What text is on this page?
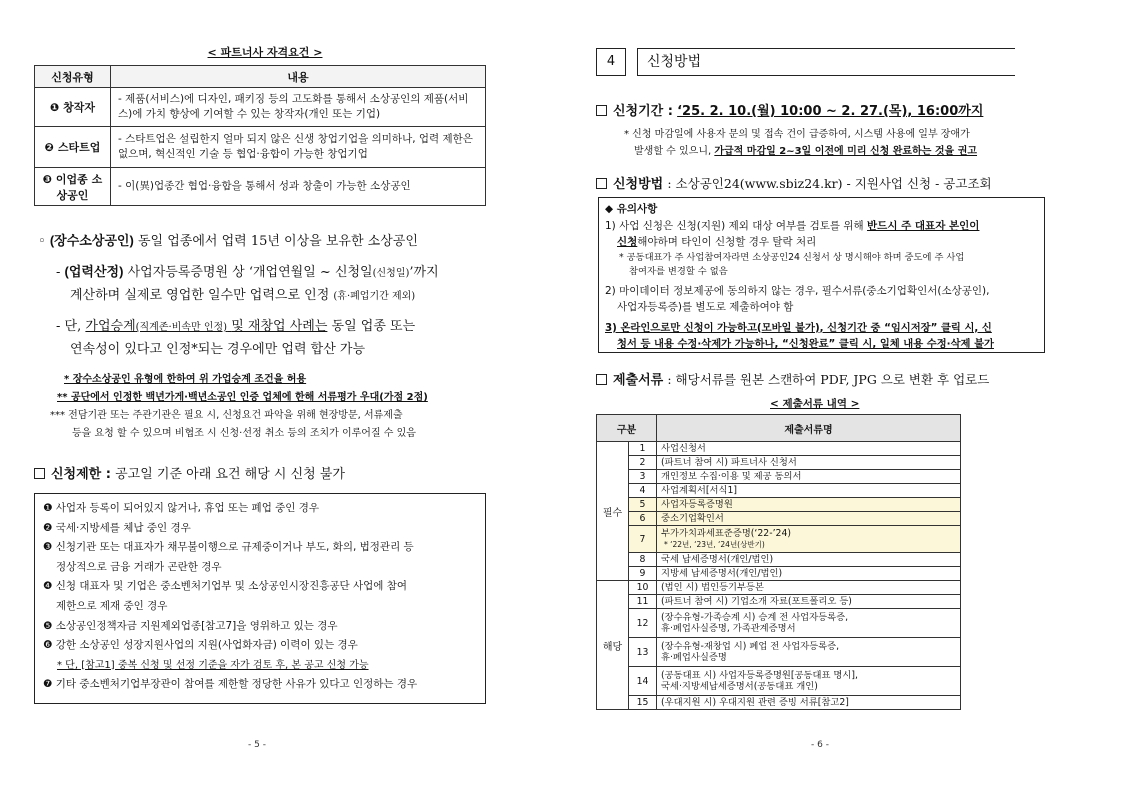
< 파트너사 자격요건 >
신청유형	내용
❶ 창작자	- 제품(서비스)에 디자인, 패키징 등의 고도화를 통해서 소상공인의 제품(서비스)에 가치 향상에 기여할 수 있는 창작자(개인 또는 기업)
❷ 스타트업	- 스타트업은 설립한지 얼마 되지 않은 신생 창업기업을 의미하나, 업력 제한은 없으며, 혁신적인 기술 등 협업·융합이 가능한 창업기업
❸ 이업종 소상공인	- 이(異)업종간 협업·융합을 통해서 성과 창출이 가능한 소상공인
◦ (장수소상공인) 동일 업종에서 업력 15년 이상을 보유한 소상공인
- (업력산정) 사업자등록증명원 상 ‘개업연월일 ~ 신청일(신청일)’까지
계산하며 실제로 영업한 일수만 업력으로 인정 (휴·폐업기간 제외)
- 단, 가업승계(직계존·비속만 인정) 및 재창업 사례는 동일 업종 또는
연속성이 있다고 인정*되는 경우에만 업력 합산 가능
* 장수소상공인 유형에 한하여 위 가업승계 조건을 허용
** 공단에서 인정한 백년가게·백년소공인 인증 업체에 한해 서류평가 우대(가점 2점)
*** 전담기관 또는 주관기관은 필요 시, 신청요건 파악을 위해 현장방문, 서류제출
등을 요청 할 수 있으며 비협조 시 신청·선정 취소 등의 조치가 이루어질 수 있음
신청제한 : 공고일 기준 아래 요건 해당 시 신청 불가
❶ 사업자 등록이 되어있지 않거나, 휴업 또는 폐업 중인 경우
❷ 국세·지방세를 체납 중인 경우
❸ 신청기관 또는 대표자가 채무불이행으로 규제중이거나 부도, 화의, 법정관리 등
정상적으로 금융 거래가 곤란한 경우
❹ 신청 대표자 및 기업은 중소벤처기업부 및 소상공인시장진흥공단 사업에 참여
제한으로 제재 중인 경우
❺ 소상공인정책자금 지원제외업종[참고7]을 영위하고 있는 경우
❻ 강한 소상공인 성장지원사업의 지원(사업화자금) 이력이 있는 경우
* 단, [참고1] 중복 신청 및 선정 기준을 자가 검토 후, 본 공고 신청 가능
❼ 기타 중소벤처기업부장관이 참여를 제한할 정당한 사유가 있다고 인정하는 경우
- 5 -
4	신청방법
신청기간 : ‘25. 2. 10.(월) 10:00 ~ 2. 27.(목), 16:00까지
* 신청 마감일에 사용자 문의 및 접속 건이 급증하여, 시스템 사용에 일부 장애가
발생할 수 있으니, 가급적 마감일 2~3일 이전에 미리 신청 완료하는 것을 권고
신청방법 : 소상공인24(www.sbiz24.kr) - 지원사업 신청 - 공고조회
◆ 유의사항
1) 사업 신청은 신청(지원) 제외 대상 여부를 검토를 위해 반드시 주 대표자 본인이
신청해야하며 타인이 신청할 경우 탈락 처리
* 공동대표가 주 사업참여자라면 소상공인24 신청서 상 명시해야 하며 중도에 주 사업
참여자를 변경할 수 없음
2) 마이데이터 정보제공에 동의하지 않는 경우, 필수서류(중소기업확인서(소상공인),
사업자등록증)를 별도로 제출하여야 함
3) 온라인으로만 신청이 가능하고(모바일 불가), 신청기간 중 “임시저장” 클릭 시, 신
청서 등 내용 수정·삭제가 가능하나, “신청완료” 클릭 시, 일체 내용 수정·삭제 불가
제출서류 : 해당서류를 원본 스캔하여 PDF, JPG 으로 변환 후 업로드
< 제출서류 내역 >
구분		제출서류명
필수	1	사업신청서
	2	(파트너 참여 시) 파트너사 신청서
	3	개인정보 수집·이용 및 제공 동의서
	4	사업계획서[서식1]
	5	사업자등록증명원
	6	중소기업확인서
	7	부가가치과세표준증명(‘22-’24)
* ‘22년, ‘23년, ‘24년(상반기)

	8	국세 납세증명서(개인/법인)
	9	지방세 납세증명서(개인/법인)
해당	10	(법인 시) 법인등기부등본
	11	(파트너 참여 시) 기업소개 자료(포트폴리오 등)
	12	(장수유형-가족승계 시) 승계 전 사업자등록증,
휴·폐업사실증명, 가족관계증명서

	13	(장수유형-재창업 시) 폐업 전 사업자등록증,
휴·폐업사실증명

	14	(공동대표 시) 사업자등록증명원[공동대표 명시],
국세·지방세납세증명서(공동대표 개인)

	15	(우대지원 시) 우대지원 관련 증빙 서류[참고2]
- 6 -
